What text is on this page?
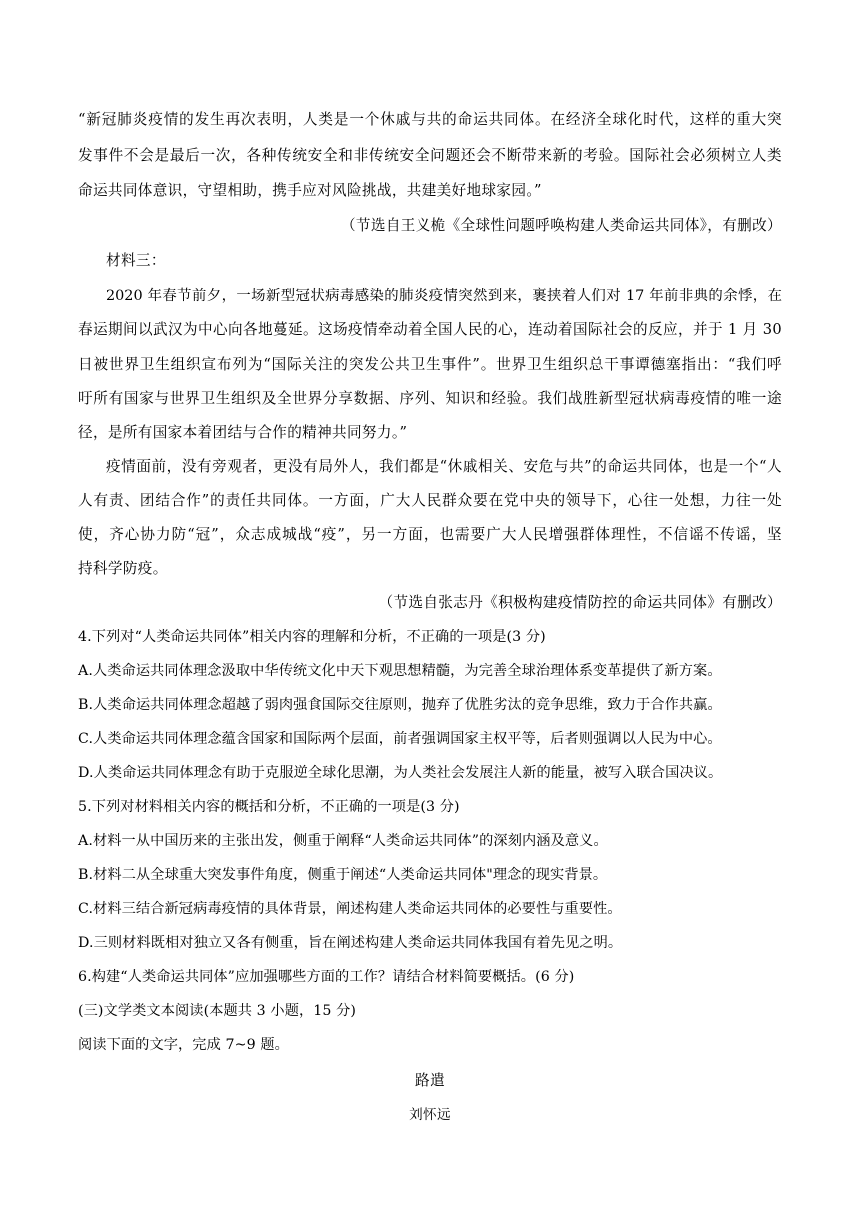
“新冠肺炎疫情的发生再次表明，人类是一个休戚与共的命运共同体。在经济全球化时代，这样的重大突
发事件不会是最后一次，各种传统安全和非传统安全问题还会不断带来新的考验。国际社会必须树立人类
命运共同体意识，守望相助，携手应对风险挑战，共建美好地球家园。”
（节选自王义桅《全球性问题呼唤构建人类命运共同体》，有删改）
材料三：
2020 年春节前夕，一场新型冠状病毒感染的肺炎疫情突然到来，裹挟着人们对 17 年前非典的余悸，在
春运期间以武汉为中心向各地蔓延。这场疫情牵动着全国人民的心，连动着国际社会的反应，并于 1 月 30
日被世界卫生组织宣布列为“国际关注的突发公共卫生事件”。世界卫生组织总干事谭德塞指出：“我们呼
吁所有国家与世界卫生组织及全世界分享数据、序列、知识和经验。我们战胜新型冠状病毒疫情的唯一途
径，是所有国家本着团结与合作的精神共同努力。”
疫情面前，没有旁观者，更没有局外人，我们都是“休戚相关、安危与共”的命运共同体，也是一个“人
人有责、团结合作”的责任共同体。一方面，广大人民群众要在党中央的领导下，心往一处想，力往一处
使，齐心协力防“冠”，众志成城战“疫”，另一方面，也需要广大人民增强群体理性，不信谣不传谣，坚
持科学防疫。
（节选自张志丹《积极构建疫情防控的命运共同体》有删改）
4.下列对“人类命运共同体”相关内容的理解和分析，不正确的一项是(3 分)
A.人类命运共同体理念汲取中华传统文化中天下观思想精髓，为完善全球治理体系变革提供了新方案。
B.人类命运共同体理念超越了弱肉强食国际交往原则，抛弃了优胜劣汰的竞争思维，致力于合作共赢。
C.人类命运共同体理念蕴含国家和国际两个层面，前者强调国家主权平等，后者则强调以人民为中心。
D.人类命运共同体理念有助于克服逆全球化思潮，为人类社会发展注人新的能量，被写入联合国决议。
5.下列对材料相关内容的概括和分析，不正确的一项是(3 分)
A.材料一从中国历来的主张出发，侧重于阐释“人类命运共同体”的深刻内涵及意义。
B.材料二从全球重大突发事件角度，侧重于阐述“人类命运共同体"理念的现实背景。
C.材料三结合新冠病毒疫情的具体背景，阐述构建人类命运共同体的必要性与重要性。
D.三则材料既相对独立又各有侧重，旨在阐述构建人类命运共同体我国有着先见之明。
6.构建“人类命运共同体”应加强哪些方面的工作？请结合材料简要概括。(6 分)
(三)文学类文本阅读(本题共 3 小题，15 分)
阅读下面的文字，完成 7~9 题。
路遣
刘怀远
